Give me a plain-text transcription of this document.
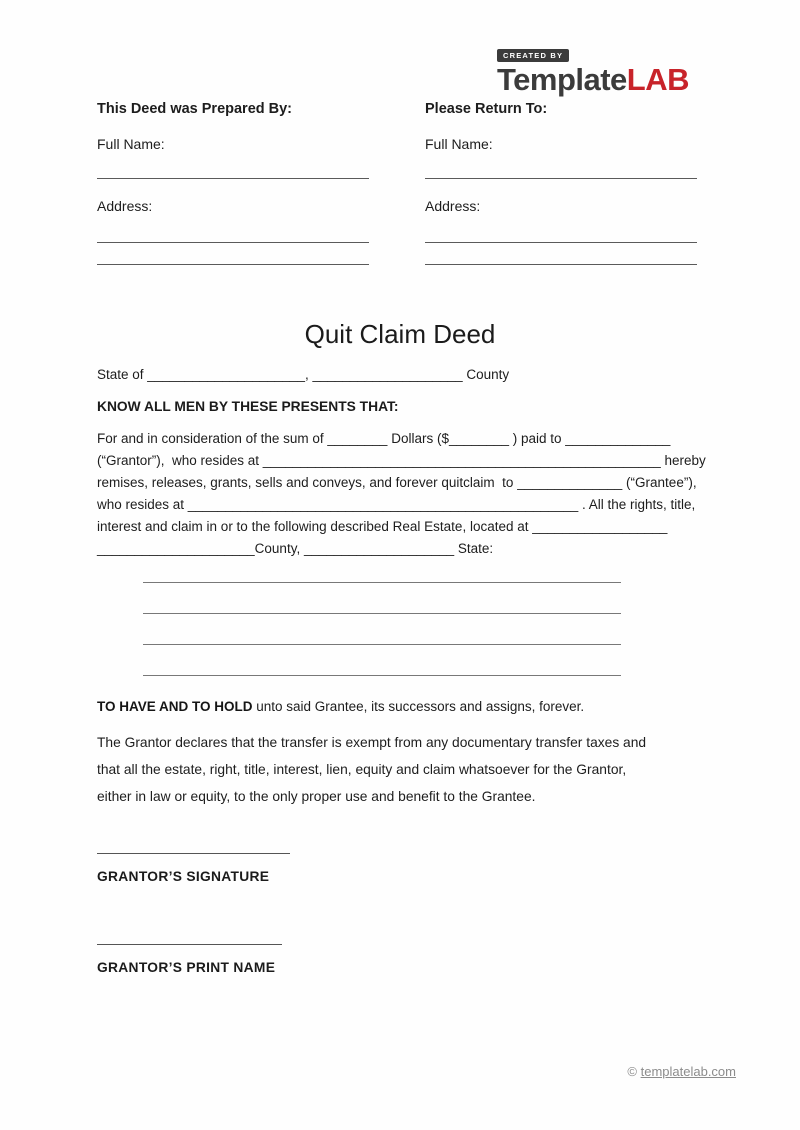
CREATED BY
TemplateLAB
This Deed was Prepared By:
Full Name:
Address:
Please Return To:
Full Name:
Address:
Quit Claim Deed
State of _____________________, ____________________ County
KNOW ALL MEN BY THESE PRESENTS THAT:
For and in consideration of the sum of ________ Dollars ($________ ) paid to ______________
(“Grantor”),  who resides at _____________________________________________________ hereby
remises, releases, grants, sells and conveys, and forever quitclaim  to ______________ (“Grantee”),
who resides at ____________________________________________________ . All the rights, title,
interest and claim in or to the following described Real Estate, located at __________________
_____________________County, ____________________ State:
TO HAVE AND TO HOLD unto said Grantee, its successors and assigns, forever.
The Grantor declares that the transfer is exempt from any documentary transfer taxes and
that all the estate, right, title, interest, lien, equity and claim whatsoever for the Grantor,
either in law or equity, to the only proper use and benefit to the Grantee.
GRANTOR’S SIGNATURE
GRANTOR’S PRINT NAME
© templatelab.com
